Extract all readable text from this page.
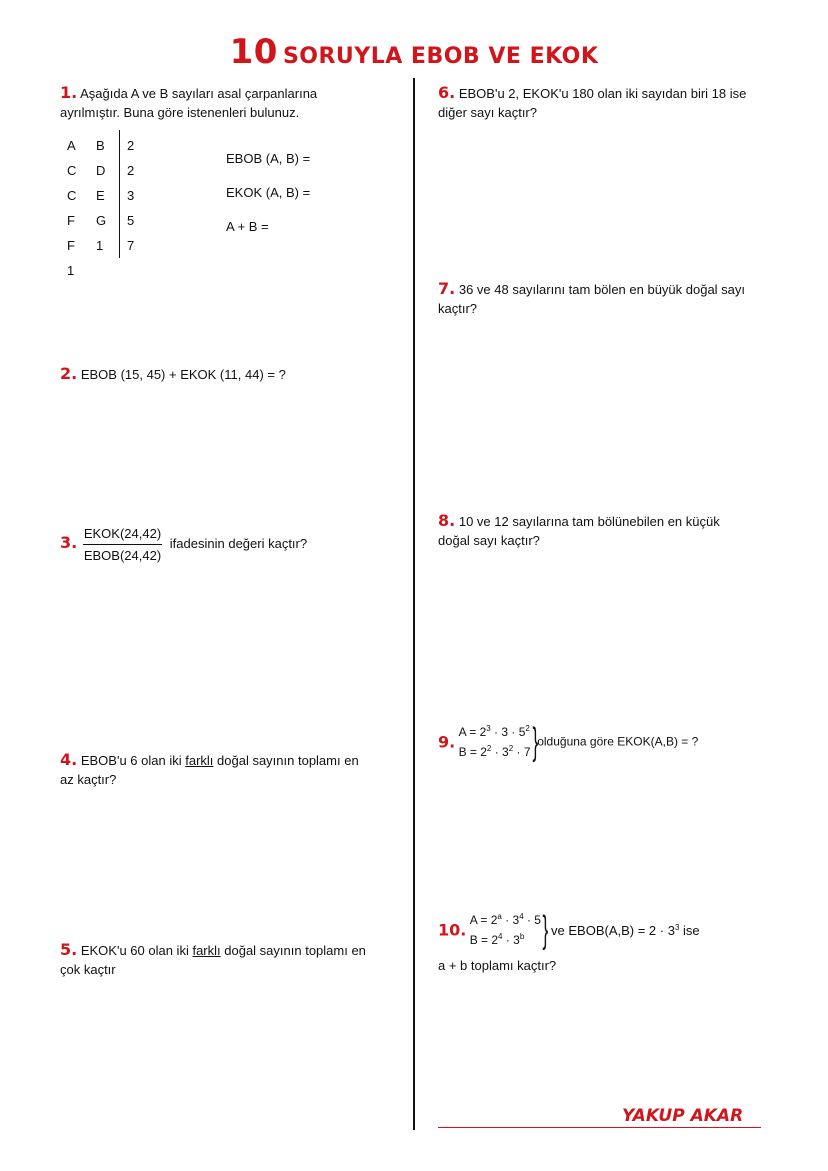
10 SORUYLA EBOB VE EKOK
1. Aşağıda A ve B sayıları asal çarpanlarına
ayrılmıştır. Buna göre istenenleri bulunuz.
A
C
C
F
F
1
B
D
E
G
1
2
2
3
5
7
EBOB (A, B) =
EKOK (A, B) =
A + B =
2. EBOB (15, 45) + EKOK (11, 44) = ?
3. $\frac{\text{EKOK(24,42)}}{\text{EBOB(24,42)}}$ ifadesinin değeri kaçtır?
4. EBOB'u 6 olan iki farklı doğal sayının toplamı en
az kaçtır?
5. EKOK'u 60 olan iki farklı doğal sayının toplamı en
çok kaçtır
6. EBOB'u 2, EKOK'u 180 olan iki sayıdan biri 18 ise
diğer sayı kaçtır?
7. 36 ve 48 sayılarını tam bölen en büyük doğal sayı
kaçtır?
8. 10 ve 12 sayılarına tam bölünebilen en küçük
doğal sayı kaçtır?
9. $A = 2^3 \cdot 3 \cdot 5^2$
$B = 2^2 \cdot 3^2$ · 7}olduğuna göre EKOK(A,B) = ?
10. $A = 2^a \cdot 3^4 \cdot 5$
$B = 2^4 \cdot 3^b$ } ve EBOB(A,B) = $2 \cdot 3^3$ ise
a + b toplamı kaçtır?
YAKUP AKAR
